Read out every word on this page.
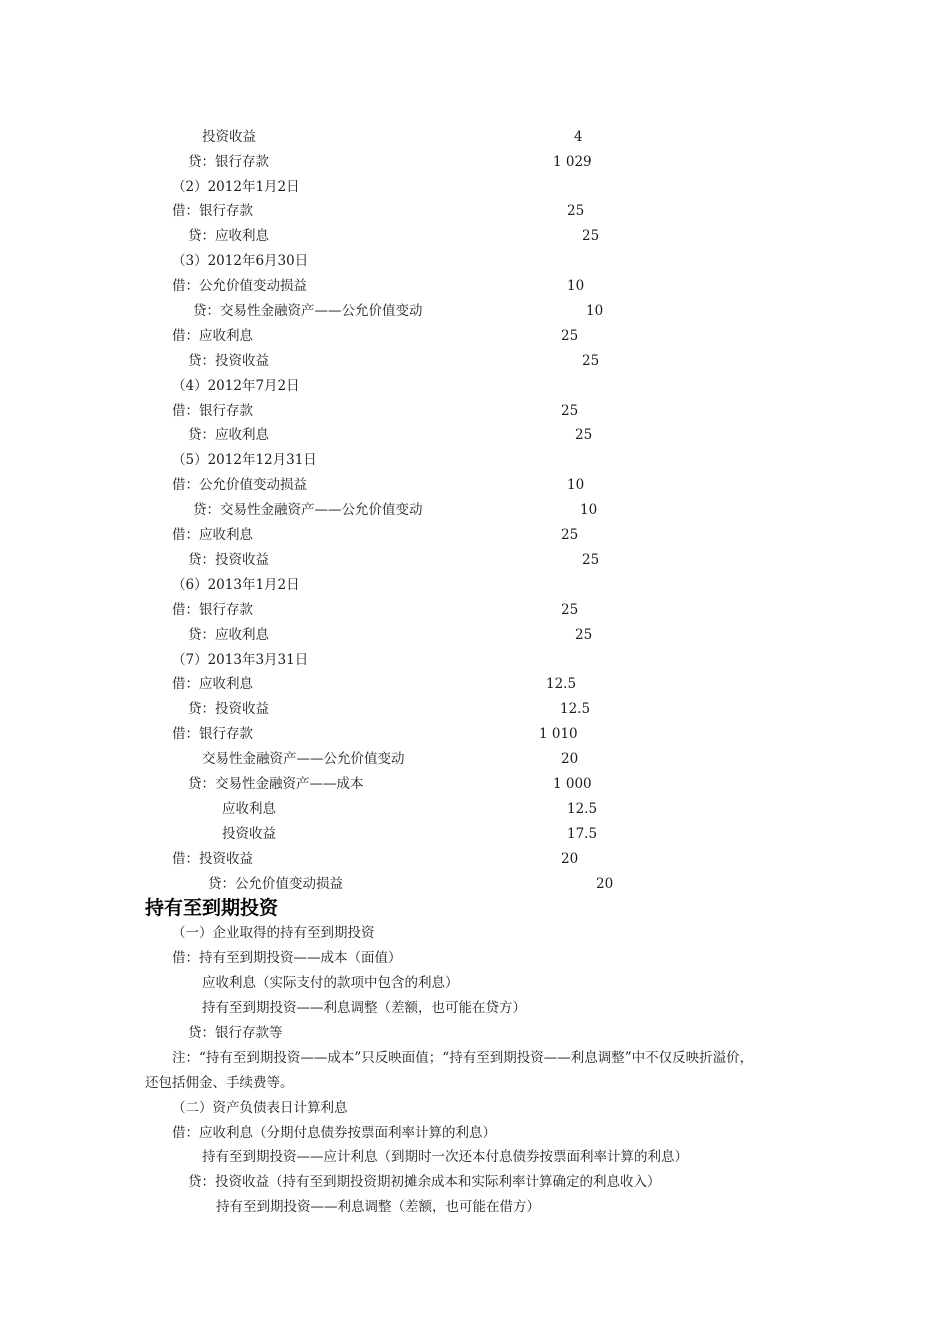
投资收益	4
贷：银行存款	1 029
（2）2012年1月2日
借：银行存款	25
贷：应收利息	25
（3）2012年6月30日
借：公允价值变动损益	10
贷：交易性金融资产——公允价值变动	10
借：应收利息	25
贷：投资收益	25
（4）2012年7月2日
借：银行存款	25
贷：应收利息	25
（5）2012年12月31日
借：公允价值变动损益	10
贷：交易性金融资产——公允价值变动	10
借：应收利息	25
贷：投资收益	25
（6）2013年1月2日
借：银行存款	25
贷：应收利息	25
（7）2013年3月31日
借：应收利息	12.5
贷：投资收益	12.5
借：银行存款	1 010
交易性金融资产——公允价值变动	20
贷：交易性金融资产——成本	1 000
应收利息	12.5
投资收益	17.5
借：投资收益	20
贷：公允价值变动损益	20
持有至到期投资
（一）企业取得的持有至到期投资
借：持有至到期投资——成本（面值）
应收利息（实际支付的款项中包含的利息）
持有至到期投资——利息调整（差额，也可能在贷方）
贷：银行存款等
注：“持有至到期投资——成本”只反映面值；“持有至到期投资——利息调整”中不仅反映折溢价，
还包括佣金、手续费等。
（二）资产负债表日计算利息
借：应收利息（分期付息债券按票面利率计算的利息）
持有至到期投资——应计利息（到期时一次还本付息债券按票面利率计算的利息）
贷：投资收益（持有至到期投资期初摊余成本和实际利率计算确定的利息收入）
持有至到期投资——利息调整（差额，也可能在借方）
